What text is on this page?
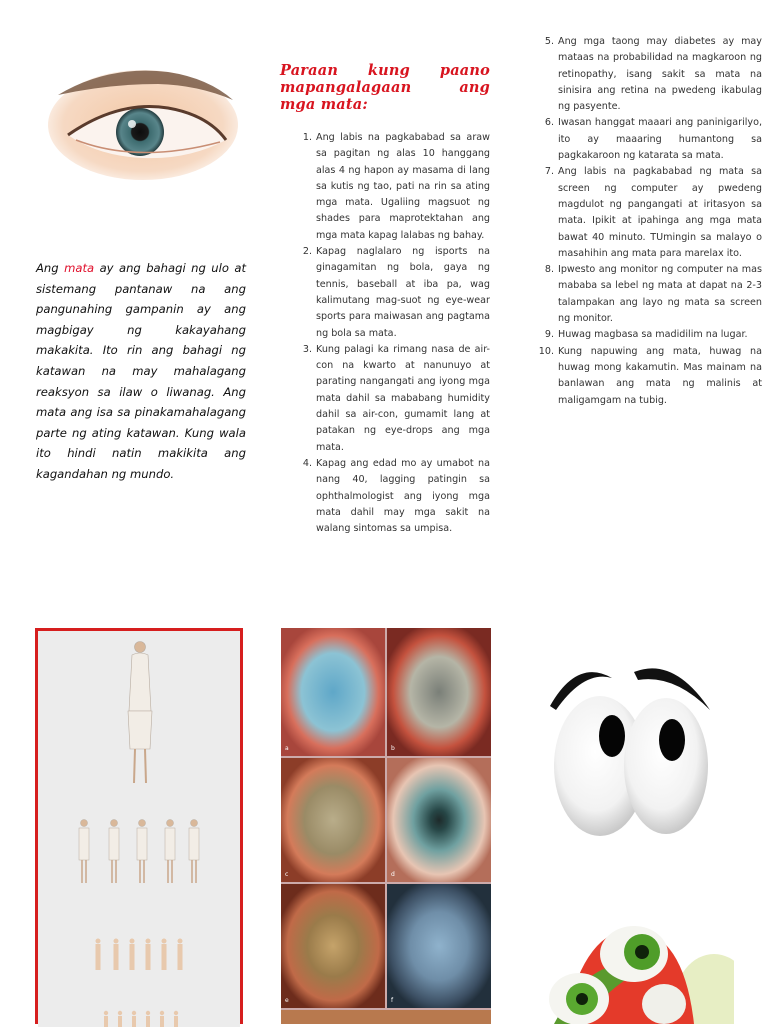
Ang mata ay ang bahagi ng ulo at sistemang pantanaw na ang pangunahing gampanin ay ang magbigay ng kakayahang makakita. Ito rin ang bahagi ng katawan na may mahalagang reaksyon sa ilaw o liwanag. Ang mata ang isa sa pinakamahalagang parte ng ating katawan. Kung wala ito hindi natin makikita ang kagandahan ng mundo.
Paraan kung paano
mapangalagaan ang
mga mata:
1. Ang labis na pagkababad sa araw sa pagitan ng alas 10 hanggang alas 4 ng hapon ay masama di lang sa kutis ng tao, pati na rin sa ating mga mata. Ugaliing magsuot ng shades para maprotektahan ang mga mata kapag lalabas ng bahay.
2. Kapag naglalaro ng isports na ginagamitan ng bola, gaya ng tennis, baseball at iba pa, wag kalimutang mag-suot ng eye-wear sports para maiwasan ang pagtama ng bola sa mata.
3. Kung palagi ka rimang nasa de air-con na kwarto at nanunuyo at parating nangangati ang iyong mga mata dahil sa mababang humidity dahil sa air-con, gumamit lang at patakan ng eye-drops ang mga mata.
4. Kapag ang edad mo ay umabot na nang 40, lagging patingin sa ophthalmologist ang iyong mga mata dahil may mga sakit na walang sintomas sa umpisa.
5. Ang mga taong may diabetes ay may mataas na probabilidad na magkaroon ng retinopathy, isang sakit sa mata na sinisira ang retina na pwedeng ikabulag ng pasyente.
6. Iwasan hanggat maaari ang paninigarilyo, ito ay maaaring humantong sa pagkakaroon ng katarata sa mata.
7. Ang labis na pagkababad ng mata sa screen ng computer ay pwedeng magdulot ng pangangati at iritasyon sa mata. Ipikit at ipahinga ang mga mata bawat 40 minuto. TUmingin sa malayo o masahihin ang mata para marelax ito.
8. Ipwesto ang monitor ng computer na mas mababa sa lebel ng mata at dapat na 2-3 talampakan ang layo ng mata sa screen ng monitor.
9. Huwag magbasa sa madidilim na lugar.
10. Kung napuwing ang mata, huwag na huwag mong kakamutin. Mas mainam na banlawan ang mata ng malinis at maligamgam na tubig.
a	b
c	d
e	f
